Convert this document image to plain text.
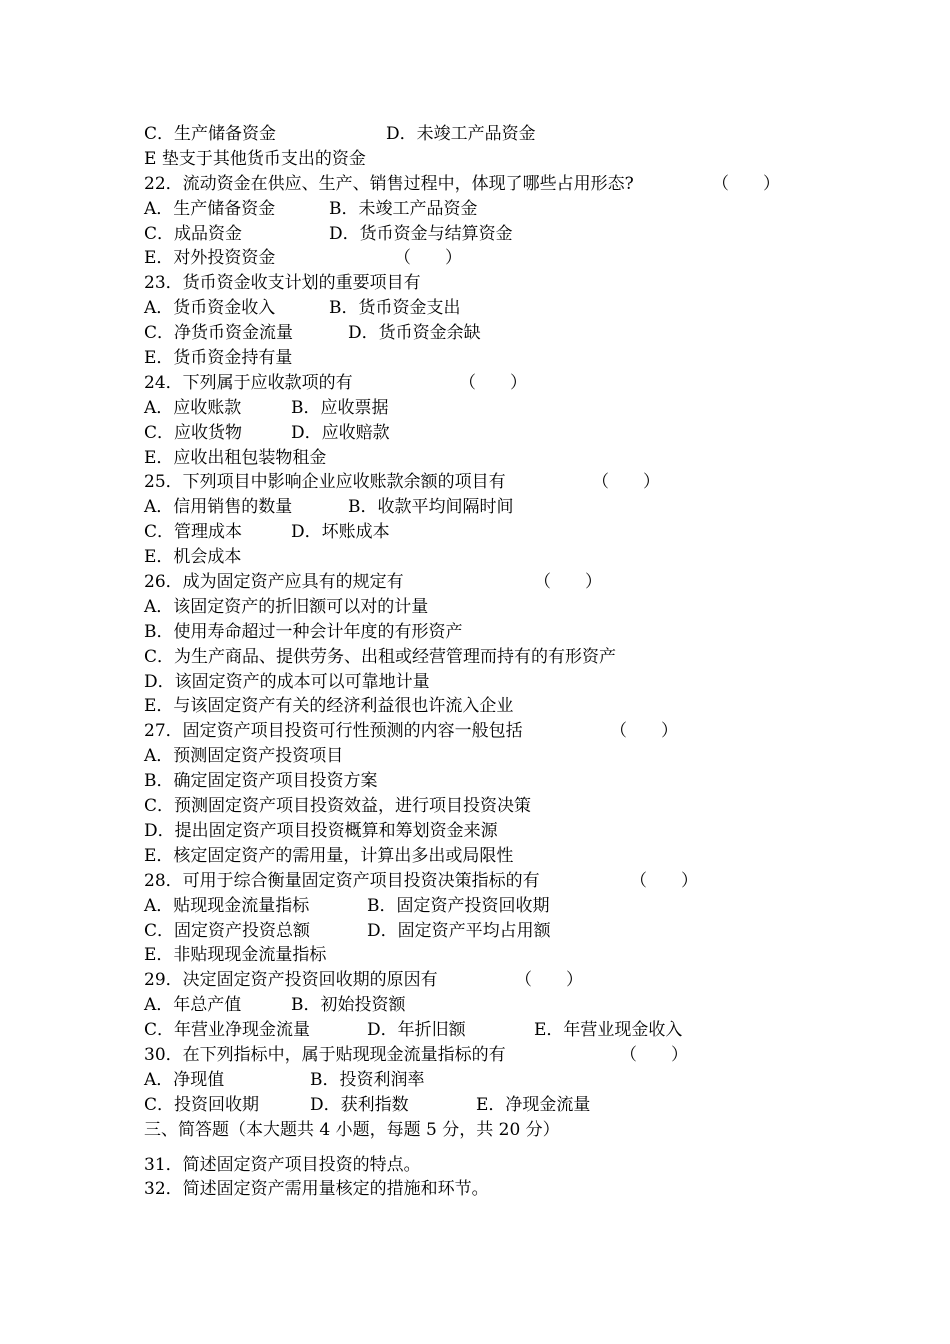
C．生产储备资金	D．未竣工产品资金
E 垫支于其他货币支出的资金
22．流动资金在供应、生产、销售过程中，体现了哪些占用形态?	（　　）
A．生产储备资金	B．未竣工产品资金
C．成品资金	D．货币资金与结算资金
E．对外投资资金	（　　）
23．货币资金收支计划的重要项目有
A．货币资金收入	B．货币资金支出
C．净货币资金流量	D．货币资金余缺
E．货币资金持有量
24．下列属于应收款项的有	（　　）
A．应收账款	B．应收票据
C．应收货物	D．应收赔款
E．应收出租包装物租金
25．下列项目中影响企业应收账款余额的项目有	（　　）
A．信用销售的数量	B．收款平均间隔时间
C．管理成本	D．坏账成本
E．机会成本
26．成为固定资产应具有的规定有	（　　）
A．该固定资产的折旧额可以对的计量
B．使用寿命超过一种会计年度的有形资产
C．为生产商品、提供劳务、出租或经营管理而持有的有形资产
D．该固定资产的成本可以可靠地计量
E．与该固定资产有关的经济利益很也许流入企业
27．固定资产项目投资可行性预测的内容一般包括	（　　）
A．预测固定资产投资项目
B．确定固定资产项目投资方案
C．预测固定资产项目投资效益，进行项目投资决策
D．提出固定资产项目投资概算和筹划资金来源
E．核定固定资产的需用量，计算出多出或局限性
28．可用于综合衡量固定资产项目投资决策指标的有	（　　）
A．贴现现金流量指标	B．固定资产投资回收期
C．固定资产投资总额	D．固定资产平均占用额
E．非贴现现金流量指标
29．决定固定资产投资回收期的原因有	（　　）
A．年总产值	B．初始投资额
C．年营业净现金流量	D．年折旧额	E．年营业现金收入
30．在下列指标中，属于贴现现金流量指标的有	（　　）
A．净现值	B．投资利润率
C．投资回收期	D．获利指数	E．净现金流量
三、简答题（本大题共 4 小题，每题 5 分，共 20 分）
31．简述固定资产项目投资的特点。
32．简述固定资产需用量核定的措施和环节。
